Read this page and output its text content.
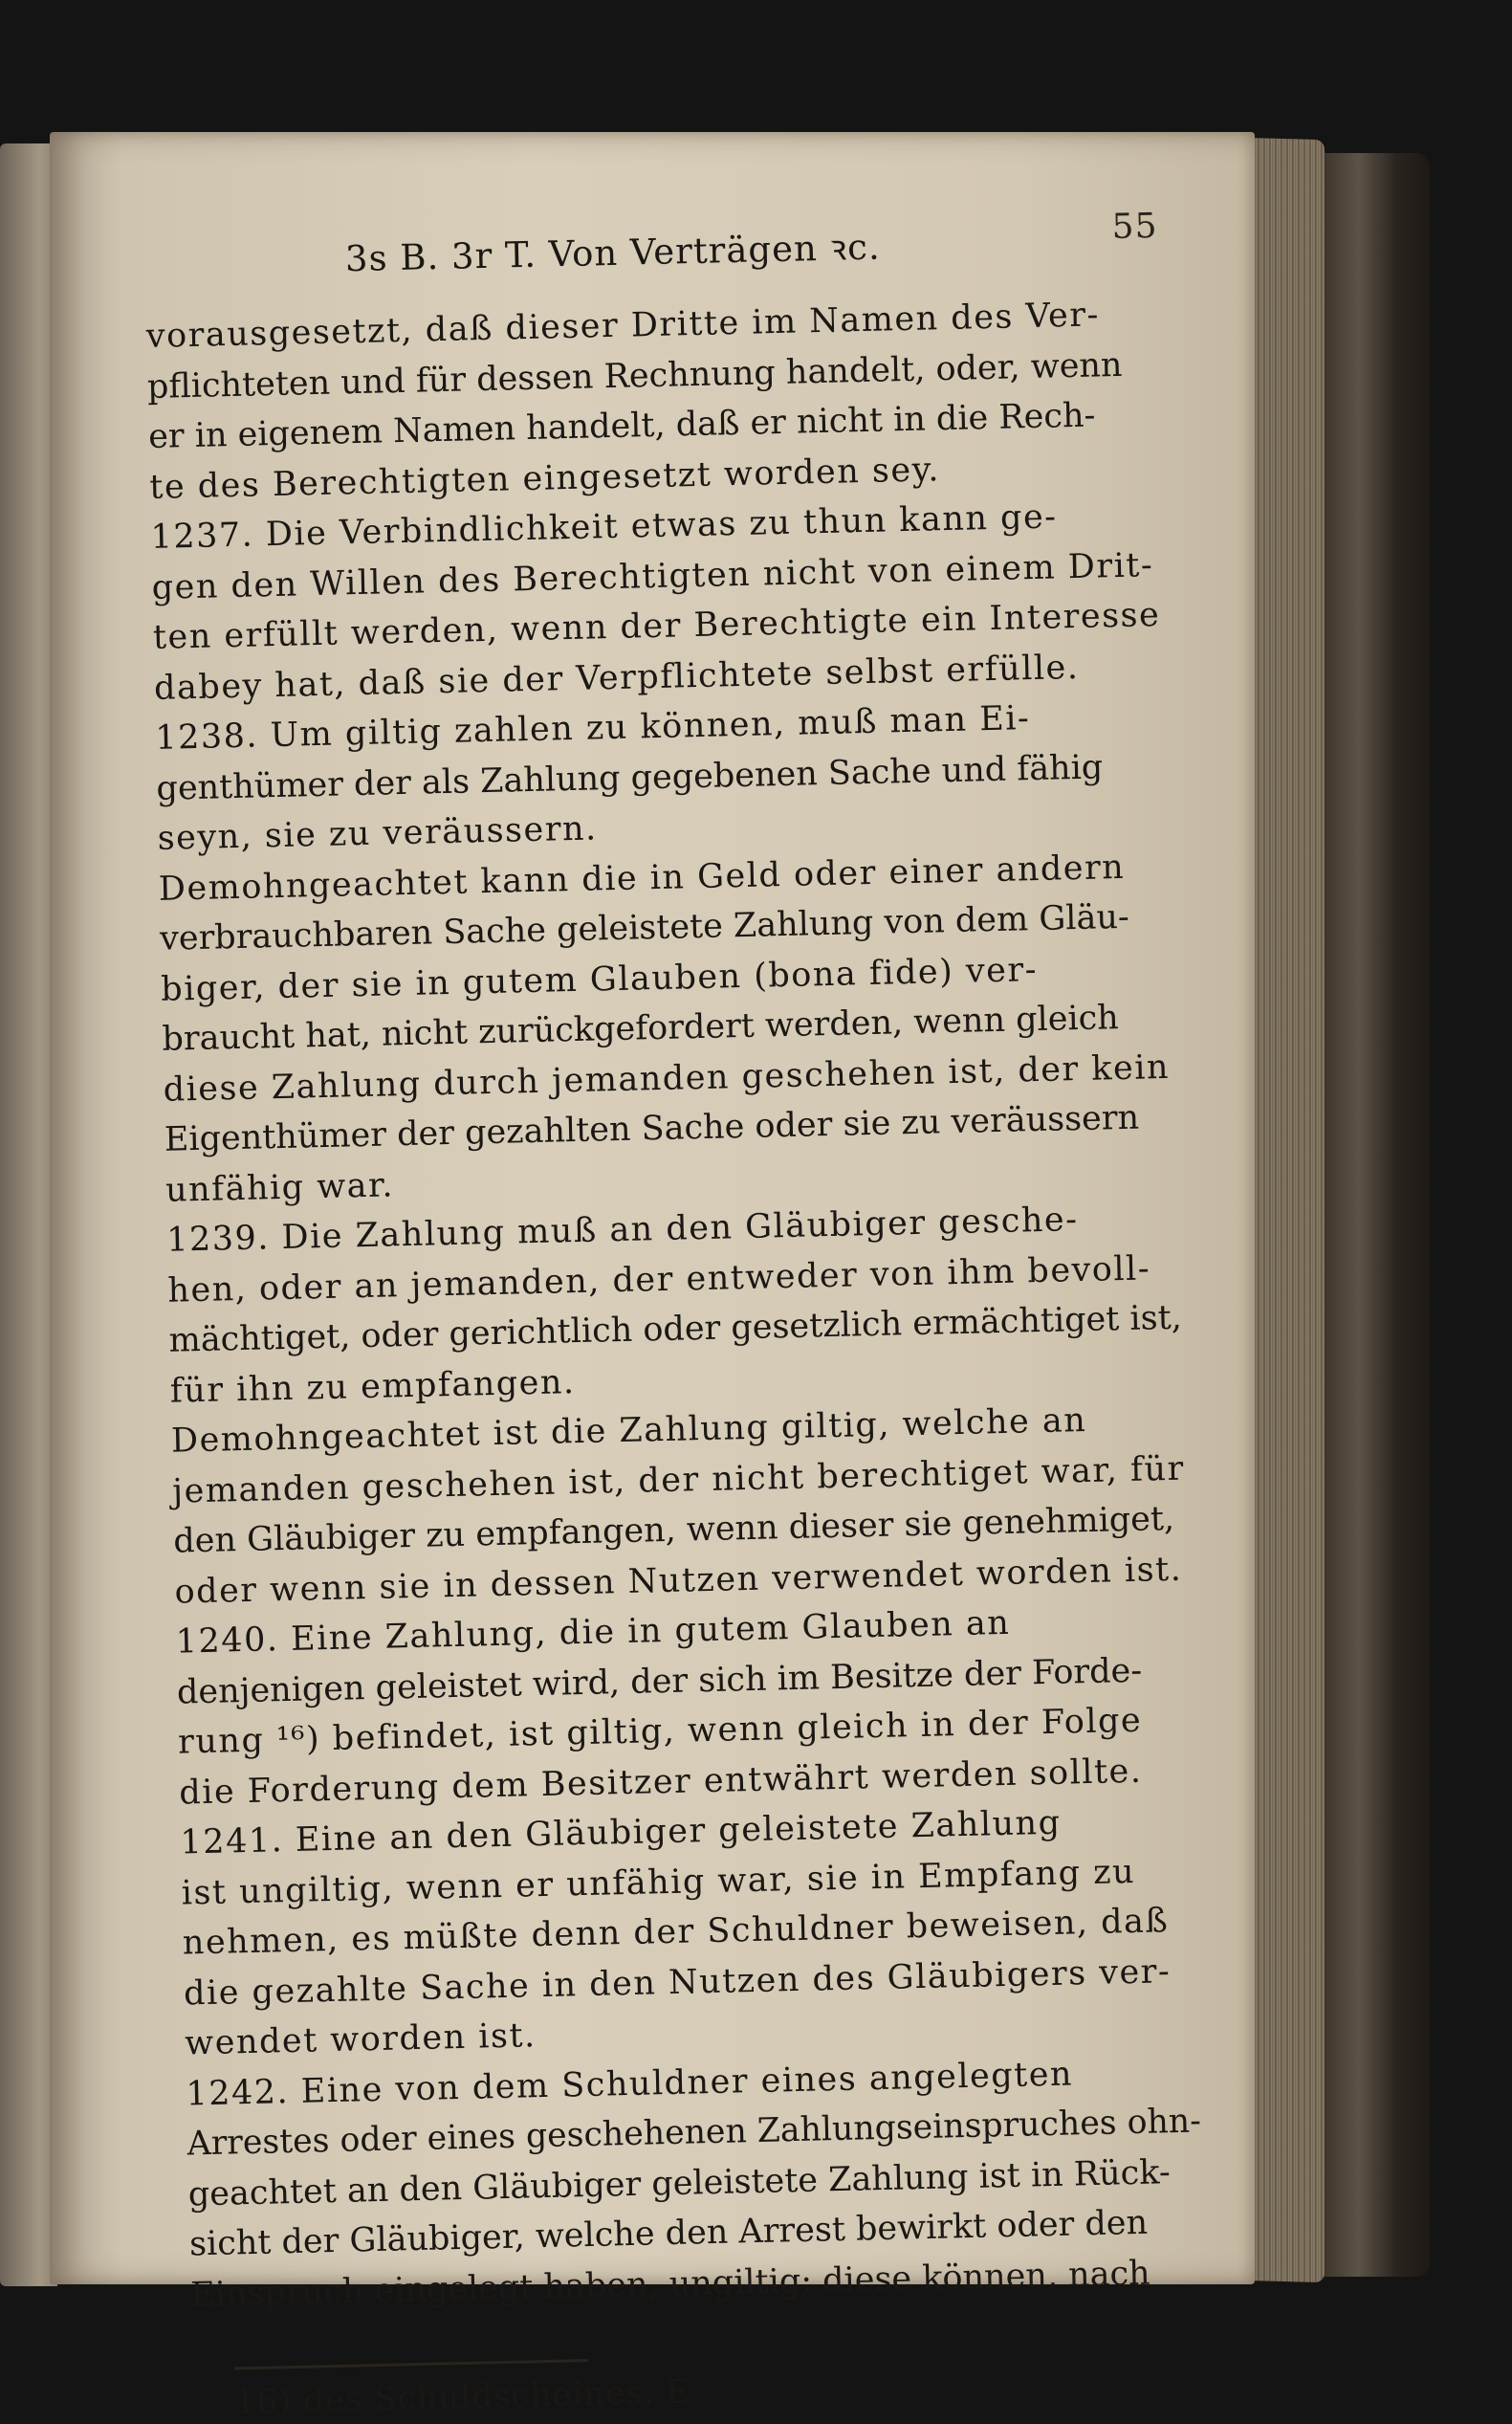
3s B. 3r T. Von Verträgen ꝛc.	55
vorausgesetzt, daß dieser Dritte im Namen des Ver-
pflichteten und für dessen Rechnung handelt, oder, wenn
er in eigenem Namen handelt, daß er nicht in die Rech-
te des Berechtigten eingesetzt worden sey.
1237. Die Verbindlichkeit etwas zu thun kann ge-
gen den Willen des Berechtigten nicht von einem Drit-
ten erfüllt werden, wenn der Berechtigte ein Interesse
dabey hat, daß sie der Verpflichtete selbst erfülle.
1238. Um giltig zahlen zu können, muß man Ei-
genthümer der als Zahlung gegebenen Sache und fähig
seyn, sie zu veräussern.
Demohngeachtet kann die in Geld oder einer andern
verbrauchbaren Sache geleistete Zahlung von dem Gläu-
biger, der sie in gutem Glauben (bona fide) ver-
braucht hat, nicht zurückgefordert werden, wenn gleich
diese Zahlung durch jemanden geschehen ist, der kein
Eigenthümer der gezahlten Sache oder sie zu veräussern
unfähig war.
1239. Die Zahlung muß an den Gläubiger gesche-
hen, oder an jemanden, der entweder von ihm bevoll-
mächtiget, oder gerichtlich oder gesetzlich ermächtiget ist,
für ihn zu empfangen.
Demohngeachtet ist die Zahlung giltig, welche an
jemanden geschehen ist, der nicht berechtiget war, für
den Gläubiger zu empfangen, wenn dieser sie genehmiget,
oder wenn sie in dessen Nutzen verwendet worden ist.
1240. Eine Zahlung, die in gutem Glauben an
denjenigen geleistet wird, der sich im Besitze der Forde-
rung ¹⁶) befindet, ist giltig, wenn gleich in der Folge
die Forderung dem Besitzer entwährt werden sollte.
1241. Eine an den Gläubiger geleistete Zahlung
ist ungiltig, wenn er unfähig war, sie in Empfang zu
nehmen, es müßte denn der Schuldner beweisen, daß
die gezahlte Sache in den Nutzen des Gläubigers ver-
wendet worden ist.
1242. Eine von dem Schuldner eines angelegten
Arrestes oder eines geschehenen Zahlungseinspruches ohn-
geachtet an den Gläubiger geleistete Zahlung ist in Rück-
sicht der Gläubiger, welche den Arrest bewirkt oder den
Einspruch eingelegt haben, ungiltig; diese können, nach
16) des Schuldscheines. E.
